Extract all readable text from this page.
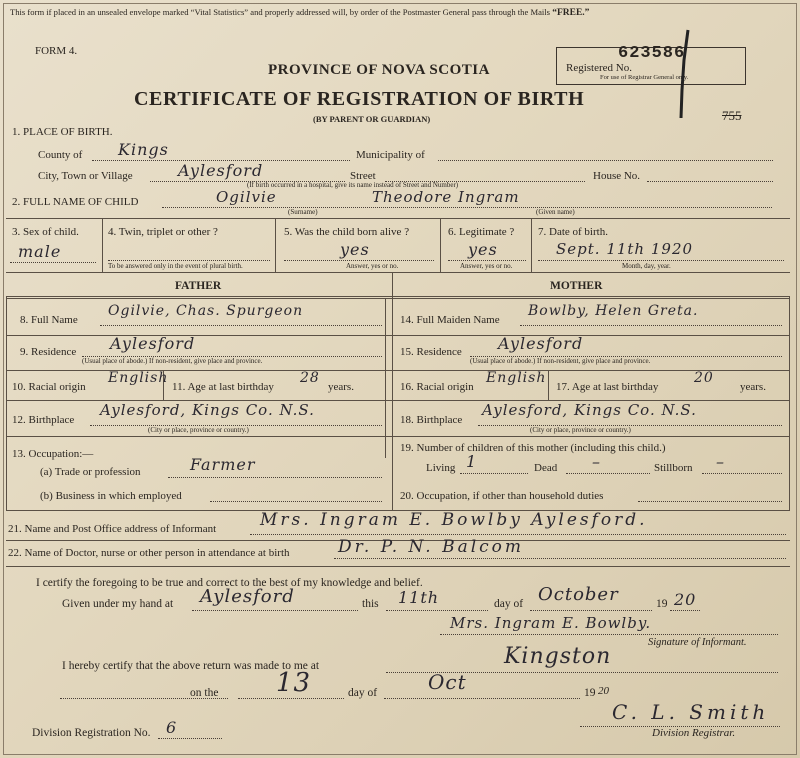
This form if placed in an unsealed envelope marked “Vital Statistics” and properly addressed will, by order of the Postmaster General pass through the Mails “FREE.”
FORM 4.
PROVINCE OF NOVA SCOTIA
CERTIFICATE OF REGISTRATION OF BIRTH
(BY PARENT OR GUARDIAN)
623586
Registered No.
For use of Registrar General only.
755
1. PLACE OF BIRTH.
County of Kings	Municipality of
City, Town or Village	Aylesford	Street	House No.
(If birth occurred in a hospital, give its name instead of Street and Number)
2. FULL NAME OF CHILD	Ogilvie	Theodore Ingram
(Surname)	(Given name)
3. Sex of child.
male
4. Twin, triplet or other ?
To be answered only in the event of plural birth.
5. Was the child born alive ?
yes
Answer, yes or no.
6. Legitimate ?
yes
Answer, yes or no.
7. Date of birth.
Sept. 11th 1920
Month, day, year.
FATHER	MOTHER
8. Full Name
Ogilvie, Chas. Spurgeon
9. Residence Aylesford
(Usual place of abode.) If non-resident, give place and province.
10. Racial origin
English
11. Age at last birthday
28
years.
12. Birthplace
Aylesford, Kings Co. N.S.
(City or place, province or country.)
13. Occupation:—
(a) Trade or profession	Farmer
(b) Business in which employed
14. Full Maiden Name
Bowlby, Helen Greta.
15. Residence Aylesford
(Usual place of abode.) If non-resident, give place and province.
16. Racial origin
English
17. Age at last birthday
20
years.
18. Birthplace
Aylesford, Kings Co. N.S.
(City or place, province or country.)
19. Number of children of this mother (including this child.)
Living 1	Dead –	Stillborn –
20. Occupation, if other than household duties
21. Name and Post Office address of Informant	Mrs. Ingram E. Bowlby Aylesford.
22. Name of Doctor, nurse or other person in attendance at birth	Dr. P. N. Balcom
I certify the foregoing to be true and correct to the best of my knowledge and belief.
Given under my hand at Aylesford	this 11th	day of October	19 20
Mrs. Ingram E. Bowlby.
Signature of Informant.
I hereby certify that the above return was made to me at	Kingston
on the 13	day of	Oct	19 20
Division Registration No. 6
C. L. Smith
Division Registrar.
